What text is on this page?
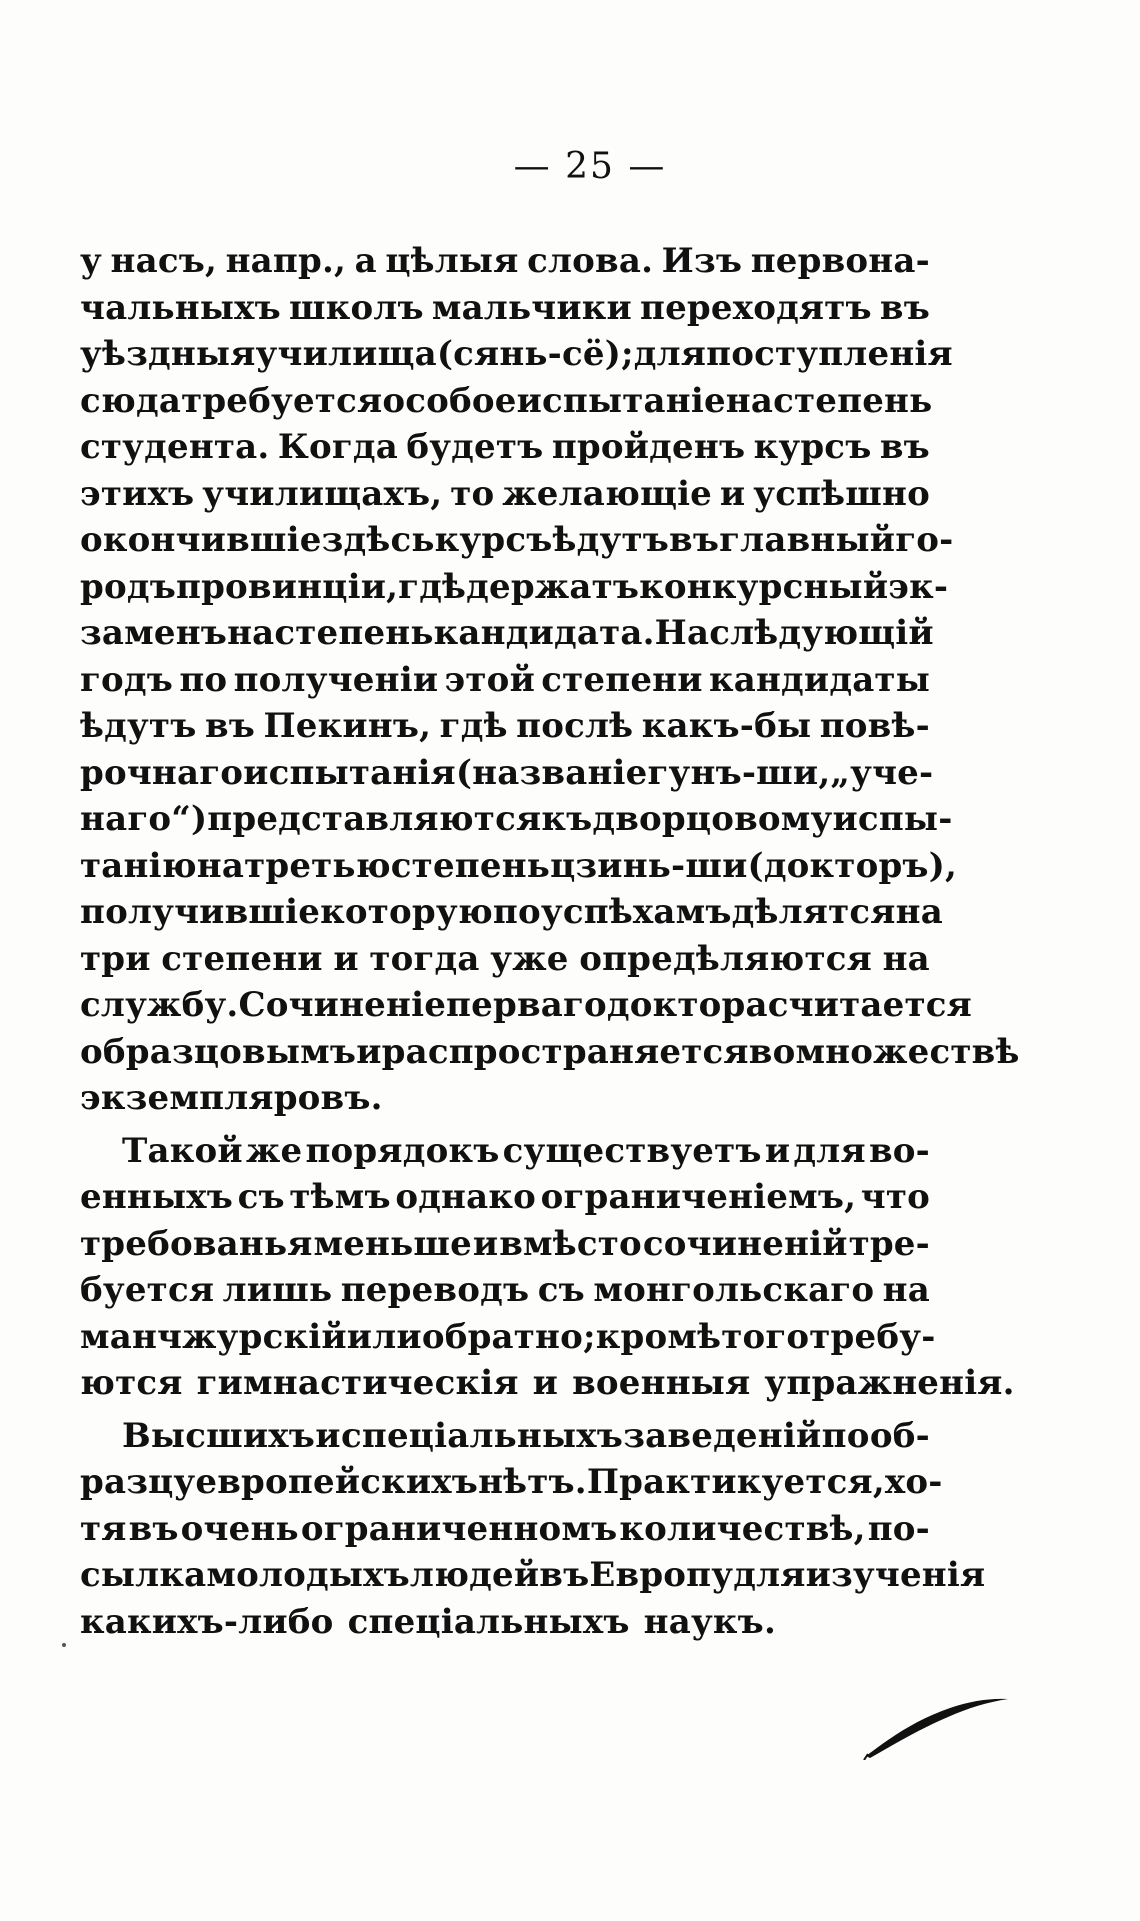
— 25 —
у насъ, напр., а цѣлыя слова. Изъ первона-
чальныхъ школъ мальчики переходятъ въ
уѣздныя училища (сянь-сё); для поступленія
сюда требуется особое испытаніе на степень
студента. Когда будетъ пройденъ курсъ въ
этихъ училищахъ, то желающіе и успѣшно
окончившіе здѣсь курсъ ѣдутъ въ главный го-
родъ провинціи, гдѣ держатъ конкурсный эк-
заменъ на степень кандидата. На слѣдующій
годъ по полученіи этой степени кандидаты
ѣдутъ въ Пекинъ, гдѣ послѣ какъ-бы повѣ-
рочнаго испытанія (на званіе гунъ-ши, „уче-
наго“) представляются къ дворцовому испы-
танію на третью степень цзинь-ши (докторъ),
получившіе которую по успѣхамъ дѣлятся на
три степени и тогда уже опредѣляются на
службу. Сочиненіе перваго доктора считается
образцовымъ и распространяется во множествѣ
экземпляровъ.
Такой же порядокъ существуетъ и для во-
енныхъ съ тѣмъ однако ограниченіемъ, что
требованья меньше и вмѣсто сочиненій тре-
буется лишь переводъ съ монгольскаго на
манчжурскій или обратно; кромѣ того требу-
ются гимнастическія и военныя упражненія.
Высшихъ и спеціальныхъ заведеній по об-
разцу европейскихъ нѣтъ. Практикуется, хо-
тя въ очень ограниченномъ количествѣ, по-
сылка молодыхъ людей въ Европу для изученія
какихъ-либо спеціальныхъ наукъ.
